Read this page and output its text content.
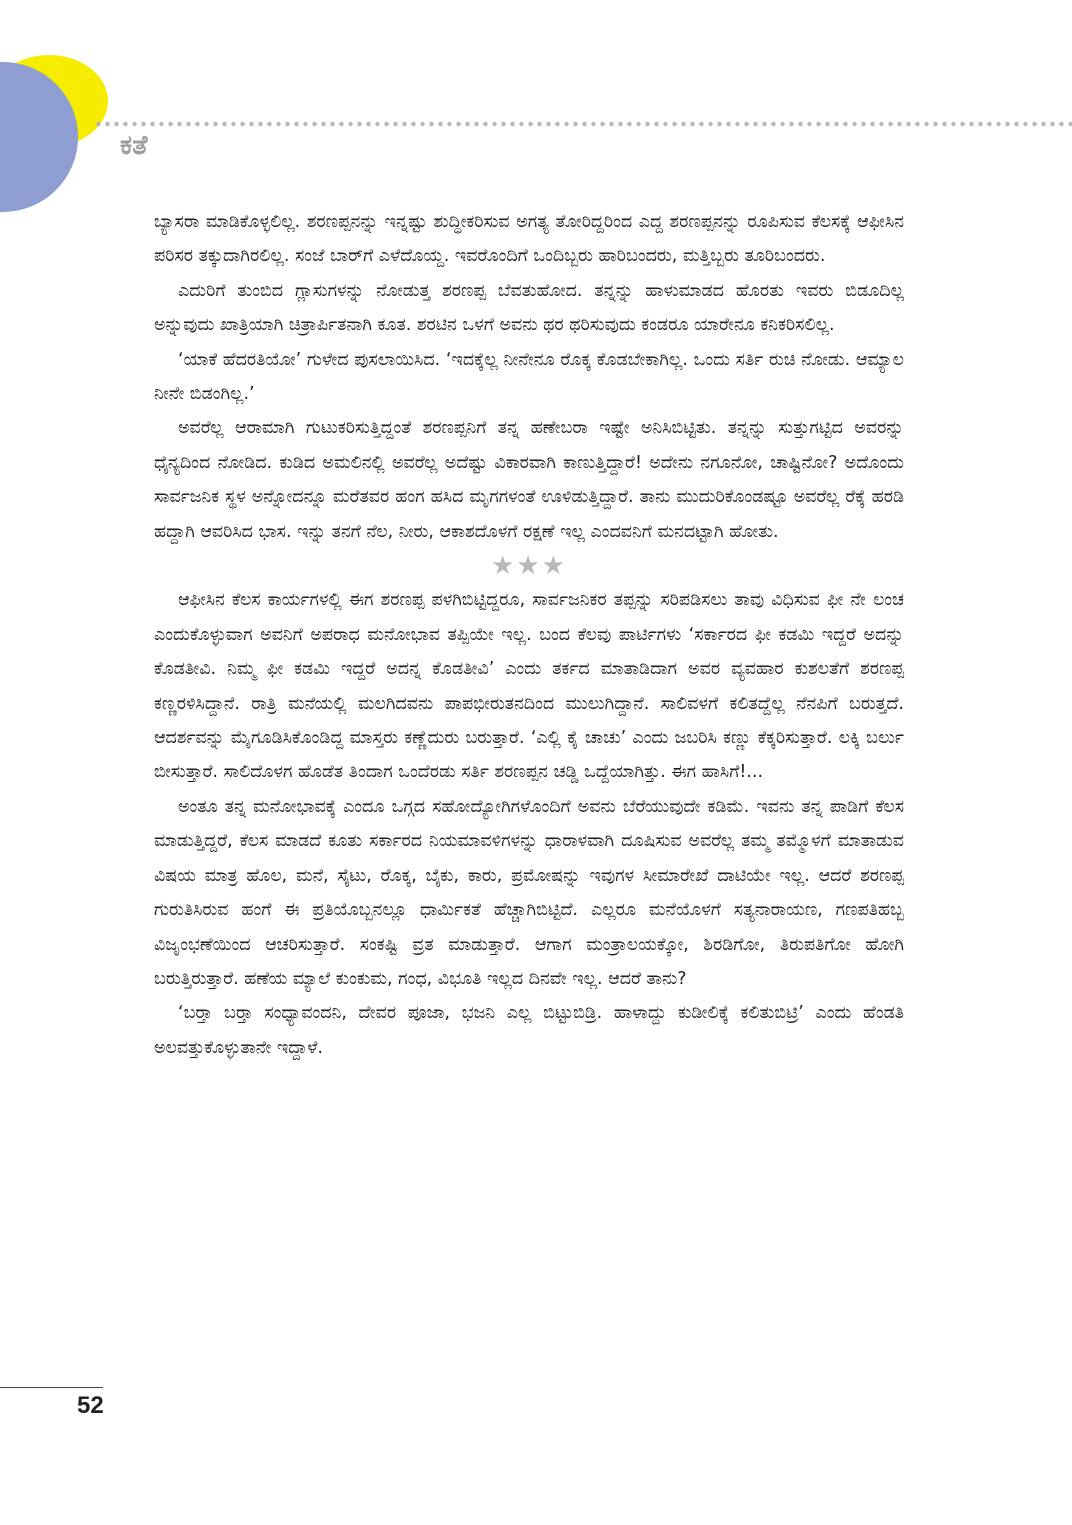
ಕತೆ

ಬ್ಯಾಸರಾ ಮಾಡಿಕೊಳ್ಳಲಿಲ್ಲ. ಶರಣಪ್ಪನನ್ನು ಇನ್ನಷ್ಟು ಶುದ್ಧೀಕರಿಸುವ ಅಗತ್ಯ ತೋರಿದ್ದರಿಂದ ಎದ್ದ ಶರಣಪ್ಪನನ್ನು ರೂಪಿಸುವ ಕೆಲಸಕ್ಕೆ ಆಫೀಸಿನ ಪರಿಸರ ತಕ್ಕುದಾಗಿರಲಿಲ್ಲ. ಸಂಜೆ ಬಾರ್‌ಗೆ ಎಳೆದೊಯ್ದ. ಇವರೊಂದಿಗೆ ಒಂದಿಬ್ಬರು ಹಾರಿಬಂದರು, ಮತ್ತಿಬ್ಬರು ತೂರಿಬಂದರು.

ಎದುರಿಗೆ ತುಂಬಿದ ಗ್ಲಾಸುಗಳನ್ನು ನೋಡುತ್ತ ಶರಣಪ್ಪ ಬೆವತುಹೋದ. ತನ್ನನ್ನು ಹಾಳುಮಾಡದ ಹೊರತು ಇವರು ಬಿಡೂದಿಲ್ಲ ಅನ್ನುವುದು ಖಾತ್ರಿಯಾಗಿ ಚಿತ್ರಾರ್ಪಿತನಾಗಿ ಕೂತ. ಶರಟಿನ ಒಳಗೆ ಅವನು ಥರ ಥರಿಸುವುದು ಕಂಡರೂ ಯಾರೇನೂ ಕನಿಕರಿಸಲಿಲ್ಲ.

‘ಯಾಕೆ ಹೆದರತಿಯೋ’ ಗುಳೇದ ಪುಸಲಾಯಿಸಿದ. ‘ಇದಕ್ಕೆಲ್ಲ ನೀನೇನೂ ರೊಕ್ಕ ಕೊಡಬೇಕಾಗಿಲ್ಲ. ಒಂದು ಸರ್ತಿ ರುಚಿ ನೋಡು. ಆಮ್ಯಾಲ ನೀನೇ ಬಿಡಂಗಿಲ್ಲ.’

ಅವರೆಲ್ಲ ಆರಾಮಾಗಿ ಗುಟುಕರಿಸುತ್ತಿದ್ದಂತೆ ಶರಣಪ್ಪನಿಗೆ ತನ್ನ ಹಣೇಬರಾ ಇಷ್ಟೇ ಅನಿಸಿಬಿಟ್ಟಿತು. ತನ್ನನ್ನು ಸುತ್ತುಗಟ್ಟಿದ ಅವರನ್ನು ಧೈನ್ಯದಿಂದ ನೋಡಿದ. ಕುಡಿದ ಅಮಲಿನಲ್ಲಿ ಅವರೆಲ್ಲ ಅದೆಷ್ಟು ವಿಕಾರವಾಗಿ ಕಾಣುತ್ತಿದ್ದಾರೆ! ಅದೇನು ನಗೂನೋ, ಚಾಷ್ಟಿನೋ? ಅದೊಂದು ಸಾರ್ವಜನಿಕ ಸ್ಥಳ ಅನ್ನೋದನ್ನೂ ಮರೆತವರ ಹಂಗ ಹಸಿದ ಮೃಗಗಳಂತೆ ಊಳಿಡುತ್ತಿದ್ದಾರೆ. ತಾನು ಮುದುರಿಕೊಂಡಷ್ಟೂ ಅವರೆಲ್ಲ ರೆಕ್ಕೆ ಹರಡಿ ಹದ್ದಾಗಿ ಆವರಿಸಿದ ಭಾಸ. ಇನ್ನು ತನಗೆ ನೆಲ, ನೀರು, ಆಕಾಶದೊಳಗೆ ರಕ್ಷಣೆ ಇಲ್ಲ ಎಂದವನಿಗೆ ಮನದಟ್ಟಾಗಿ ಹೋತು.

★★★

ಆಫೀಸಿನ ಕೆಲಸ ಕಾರ್ಯಗಳಲ್ಲಿ ಈಗ ಶರಣಪ್ಪ ಪಳಗಿಬಿಟ್ಟಿದ್ದರೂ, ಸಾರ್ವಜನಿಕರ ತಪ್ಪನ್ನು ಸರಿಪಡಿಸಲು ತಾವು ವಿಧಿಸುವ ಫೀ ನೇ ಲಂಚ ಎಂದುಕೊಳ್ಳುವಾಗ ಅವನಿಗೆ ಅಪರಾಧ ಮನೋಭಾವ ತಪ್ಪಿಯೇ ಇಲ್ಲ. ಬಂದ ಕೆಲವು ಪಾರ್ಟಿಗಳು ‘ಸರ್ಕಾರದ ಫೀ ಕಡಮಿ ಇದ್ದರೆ ಅದನ್ನು ಕೊಡತೀವಿ. ನಿಮ್ಮ ಫೀ ಕಡಮಿ ಇದ್ದರೆ ಅದನ್ನ ಕೊಡತೀವಿ’ ಎಂದು ತರ್ಕದ ಮಾತಾಡಿದಾಗ ಅವರ ವ್ಯವಹಾರ ಕುಶಲತೆಗೆ ಶರಣಪ್ಪ ಕಣ್ಣರಳಿಸಿದ್ದಾನೆ. ರಾತ್ರಿ ಮನೆಯಲ್ಲಿ ಮಲಗಿದವನು ಪಾಪಭೀರುತನದಿಂದ ಮುಲುಗಿದ್ದಾನೆ. ಸಾಲಿವಳಗೆ ಕಲಿತದ್ದೆಲ್ಲ ನೆನಪಿಗೆ ಬರುತ್ತದೆ. ಆದರ್ಶವನ್ನು ಮೈಗೂಡಿಸಿಕೊಂಡಿದ್ದ ಮಾಸ್ತರು ಕಣ್ಣೆದುರು ಬರುತ್ತಾರೆ. ‘ಎಲ್ಲಿ ಕೈ ಚಾಚು’ ಎಂದು ಜಬರಿಸಿ ಕಣ್ಣು ಕೆಕ್ಕರಿಸುತ್ತಾರೆ. ಲಕ್ಕಿ ಬರ್ಲು ಬೀಸುತ್ತಾರೆ. ಸಾಲಿದೊಳಗ ಹೊಡೆತ ತಿಂದಾಗ ಒಂದೆರಡು ಸರ್ತಿ ಶರಣಪ್ಪನ ಚಡ್ಡಿ ಒದ್ದೆಯಾಗಿತ್ತು. ಈಗ ಹಾಸಿಗೆ!...

ಅಂತೂ ತನ್ನ ಮನೋಭಾವಕ್ಕೆ ಎಂದೂ ಒಗ್ಗದ ಸಹೋದ್ಯೋಗಿಗಳೊಂದಿಗೆ ಅವನು ಬೆರೆಯುವುದೇ ಕಡಿಮೆ. ಇವನು ತನ್ನ ಪಾಡಿಗೆ ಕೆಲಸ ಮಾಡುತ್ತಿದ್ದರೆ, ಕೆಲಸ ಮಾಡದೆ ಕೂತು ಸರ್ಕಾರದ ನಿಯಮಾವಳಿಗಳನ್ನು ಧಾರಾಳವಾಗಿ ದೂಷಿಸುವ ಅವರೆಲ್ಲ ತಮ್ಮ ತಮ್ಮೊಳಗೆ ಮಾತಾಡುವ ವಿಷಯ ಮಾತ್ರ ಹೊಲ, ಮನೆ, ಸೈಟು, ರೊಕ್ಕ, ಬೈಕು, ಕಾರು, ಪ್ರಮೋಷನ್ನು ಇವುಗಳ ಸೀಮಾರೇಖೆ ದಾಟಿಯೇ ಇಲ್ಲ. ಆದರೆ ಶರಣಪ್ಪ ಗುರುತಿಸಿರುವ ಹಂಗೆ ಈ ಪ್ರತಿಯೊಬ್ಬನಲ್ಲೂ ಧಾರ್ಮಿಕತೆ ಹೆಚ್ಚಾಗಿಬಿಟ್ಟಿದೆ. ಎಲ್ಲರೂ ಮನೆಯೊಳಗೆ ಸತ್ಯನಾರಾಯಣ, ಗಣಪತಿಹಬ್ಬ ವಿಜೃಂಭಣೆಯಿಂದ ಆಚರಿಸುತ್ತಾರೆ. ಸಂಕಷ್ಟಿ ವ್ರತ ಮಾಡುತ್ತಾರೆ. ಆಗಾಗ ಮಂತ್ರಾಲಯಕ್ಕೋ, ಶಿರಡಿಗೋ, ತಿರುಪತಿಗೋ ಹೋಗಿ ಬರುತ್ತಿರುತ್ತಾರೆ. ಹಣೆಯ ಮ್ಯಾಲೆ ಕುಂಕುಮ, ಗಂಧ, ವಿಭೂತಿ ಇಲ್ಲದ ದಿನವೇ ಇಲ್ಲ. ಆದರೆ ತಾನು?

‘ಬರ್‍ತಾ ಬರ್‍ತಾ ಸಂಧ್ಯಾವಂದನಿ, ದೇವರ ಪೂಜಾ, ಭಜನಿ ಎಲ್ಲ ಬಿಟ್ಟುಬಿಡ್ರಿ. ಹಾಳಾದ್ದು ಕುಡೀಲಿಕ್ಕೆ ಕಲಿತುಬಿಟ್ರಿ’ ಎಂದು ಹೆಂಡತಿ ಅಲವತ್ತುಕೊಳ್ಳುತಾನೇ ಇದ್ದಾಳೆ.

52
